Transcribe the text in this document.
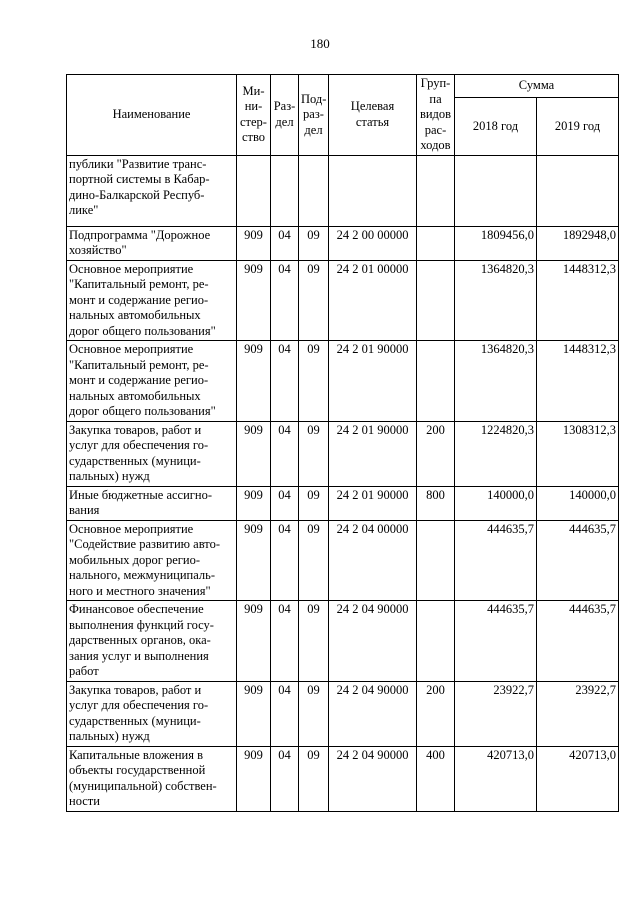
180
Наименование	Ми-
ни-
стер-
ство	Раз-
дел	Под-
раз-
дел	Целевая
статья	Груп-
па
видов
рас-
ходов	Сумма	
						2018 год	2019 год
публики "Развитие транс-
портной системы в Кабар-
дино-Балкарской Респуб-
лике"							
Подпрограмма "Дорожное
хозяйство"	909	04	09	24 2 00 00000		1809456,0	1892948,0
Основное мероприятие
"Капитальный ремонт, ре-
монт и содержание регио-
нальных автомобильных
дорог общего пользования"	909	04	09	24 2 01 00000		1364820,3	1448312,3
Основное мероприятие
"Капитальный ремонт, ре-
монт и содержание регио-
нальных автомобильных
дорог общего пользования"	909	04	09	24 2 01 90000		1364820,3	1448312,3
Закупка товаров, работ и
услуг для обеспечения го-
сударственных (муници-
пальных) нужд	909	04	09	24 2 01 90000	200	1224820,3	1308312,3
Иные бюджетные ассигно-
вания	909	04	09	24 2 01 90000	800	140000,0	140000,0
Основное мероприятие
"Содействие развитию авто-
мобильных дорог регио-
нального, межмуниципаль-
ного и местного значения"	909	04	09	24 2 04 00000		444635,7	444635,7
Финансовое обеспечение
выполнения функций госу-
дарственных органов, ока-
зания услуг и выполнения
работ	909	04	09	24 2 04 90000		444635,7	444635,7
Закупка товаров, работ и
услуг для обеспечения го-
сударственных (муници-
пальных) нужд	909	04	09	24 2 04 90000	200	23922,7	23922,7
Капитальные вложения в
объекты государственной
(муниципальной) собствен-
ности	909	04	09	24 2 04 90000	400	420713,0	420713,0
